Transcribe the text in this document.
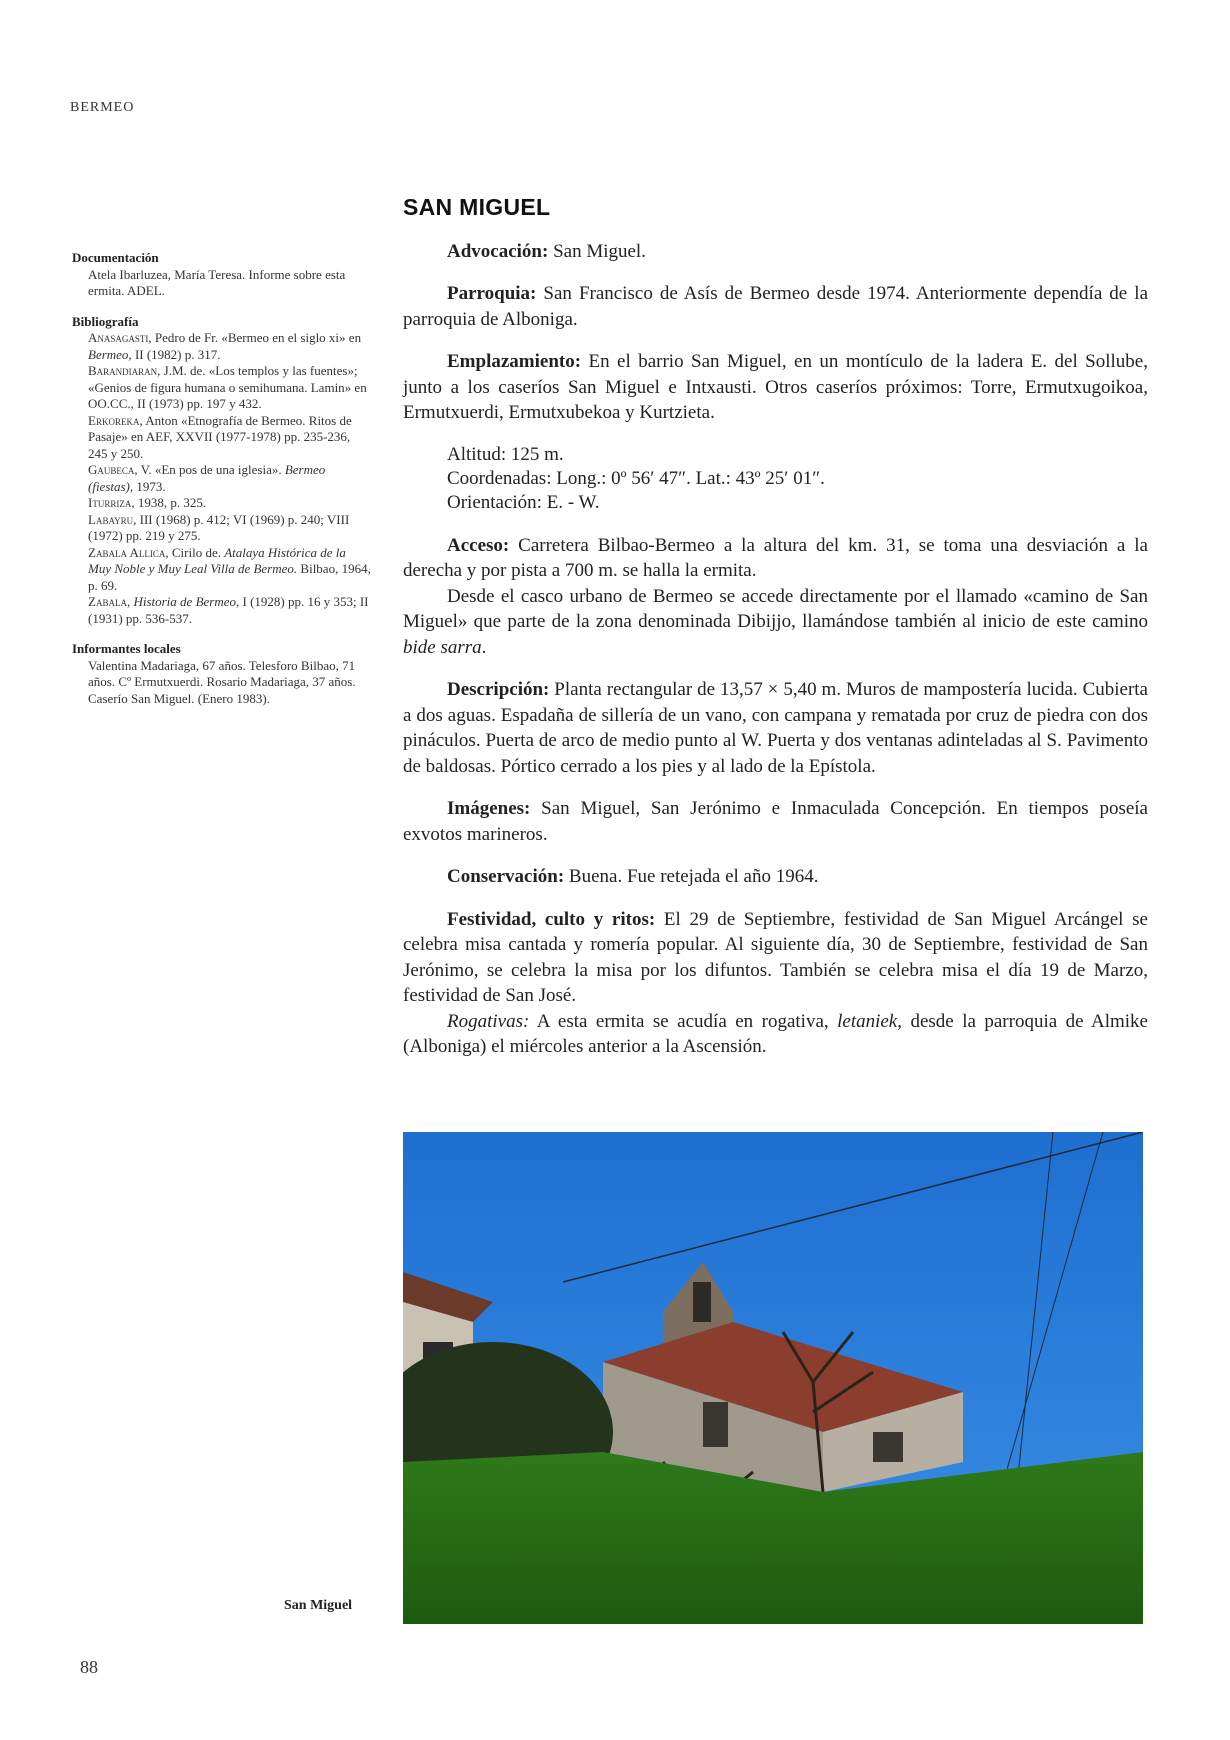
BERMEO
Documentación

Atela Ibarluzea, María Teresa. Informe sobre esta ermita. ADEL.

Bibliografía

Anasagasti, Pedro de Fr. «Bermeo en el siglo xi» en Bermeo, II (1982) p. 317.

Barandiaran, J.M. de. «Los templos y las fuentes»; «Genios de figura humana o semihumana. Lamin» en OO.CC., II (1973) pp. 197 y 432.

Erkoreka, Anton «Etnografía de Bermeo. Ritos de Pasaje» en AEF, XXVII (1977-1978) pp. 235-236, 245 y 250.

Gaubeca, V. «En pos de una iglesia». Bermeo (fiestas), 1973.

Iturriza, 1938, p. 325.

Labayru, III (1968) p. 412; VI (1969) p. 240; VIII (1972) pp. 219 y 275.

Zabala Allica, Cirilo de. Atalaya Histórica de la Muy Noble y Muy Leal Villa de Bermeo. Bilbao, 1964, p. 69.

Zabala, Historia de Bermeo, I (1928) pp. 16 y 353; II (1931) pp. 536-537.

Informantes locales

Valentina Madariaga, 67 años. Telesforo Bilbao, 71 años. Cº Ermutxuerdi. Rosario Madariaga, 37 años. Caserío San Miguel. (Enero 1983).

SAN MIGUEL

Advocación: San Miguel.

Parroquia: San Francisco de Asís de Bermeo desde 1974. Anteriormente dependía de la parroquia de Alboniga.

Emplazamiento: En el barrio San Miguel, en un montículo de la ladera E. del Sollube, junto a los caseríos San Miguel e Intxausti. Otros caseríos próximos: Torre, Ermutxugoikoa, Ermutxuerdi, Ermutxubekoa y Kurtzieta.

Altitud: 125 m.
Coordenadas: Long.: 0º 56′ 47″. Lat.: 43º 25′ 01″.
Orientación: E. - W.

Acceso: Carretera Bilbao-Bermeo a la altura del km. 31, se toma una desviación a la derecha y por pista a 700 m. se halla la ermita.

Desde el casco urbano de Bermeo se accede directamente por el llamado «camino de San Miguel» que parte de la zona denominada Dibijjo, llamándose también al inicio de este camino bide sarra.

Descripción: Planta rectangular de 13,57 × 5,40 m. Muros de mampostería lucida. Cubierta a dos aguas. Espadaña de sillería de un vano, con campana y rematada por cruz de piedra con dos pináculos. Puerta de arco de medio punto al W. Puerta y dos ventanas adinteladas al S. Pavimento de baldosas. Pórtico cerrado a los pies y al lado de la Epístola.

Imágenes: San Miguel, San Jerónimo e Inmaculada Concepción. En tiempos poseía exvotos marineros.

Conservación: Buena. Fue retejada el año 1964.

Festividad, culto y ritos: El 29 de Septiembre, festividad de San Miguel Arcángel se celebra misa cantada y romería popular. Al siguiente día, 30 de Septiembre, festividad de San Jerónimo, se celebra la misa por los difuntos. También se celebra misa el día 19 de Marzo, festividad de San José.

Rogativas: A esta ermita se acudía en rogativa, letaniek, desde la parroquia de Almike (Alboniga) el miércoles anterior a la Ascensión.

San Miguel
88
